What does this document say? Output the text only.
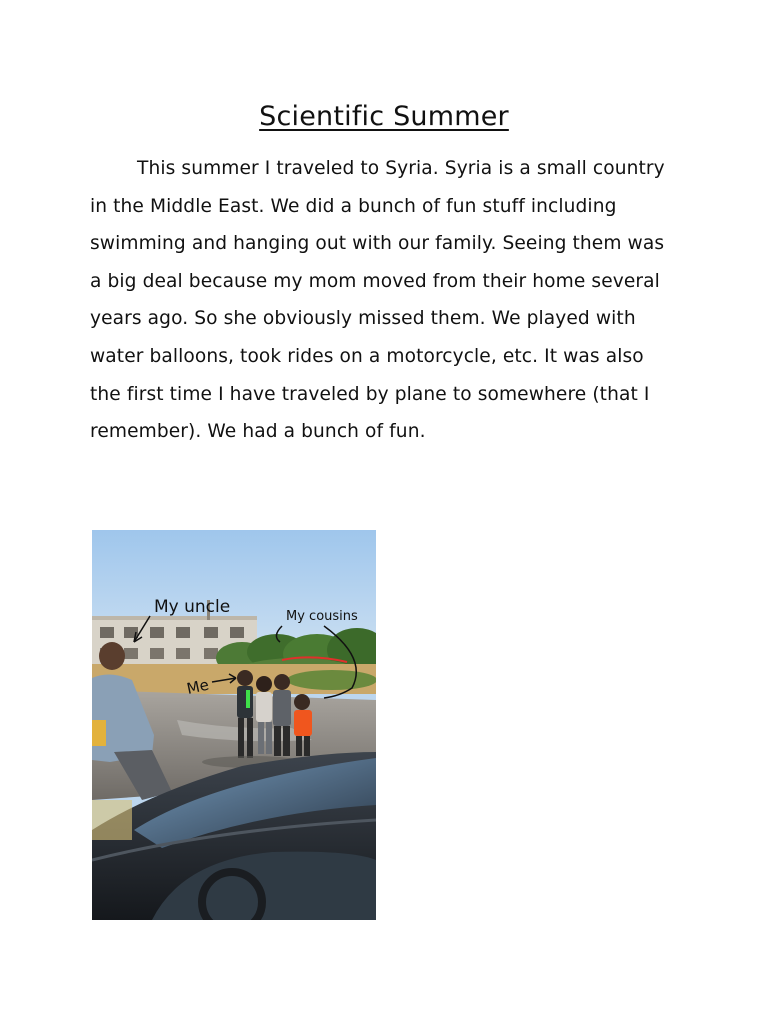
Scientific Summer

This summer I traveled to Syria. Syria is a small country in the Middle East. We did a bunch of fun stuff including swimming and hanging out with our family. Seeing them was a big deal because my mom moved from their home several years ago. So she obviously missed them. We played with water balloons, took rides on a motorcycle, etc. It was also the first time I have traveled by plane to somewhere (that I remember). We had a bunch of fun.

My uncle	My cousins
Me
